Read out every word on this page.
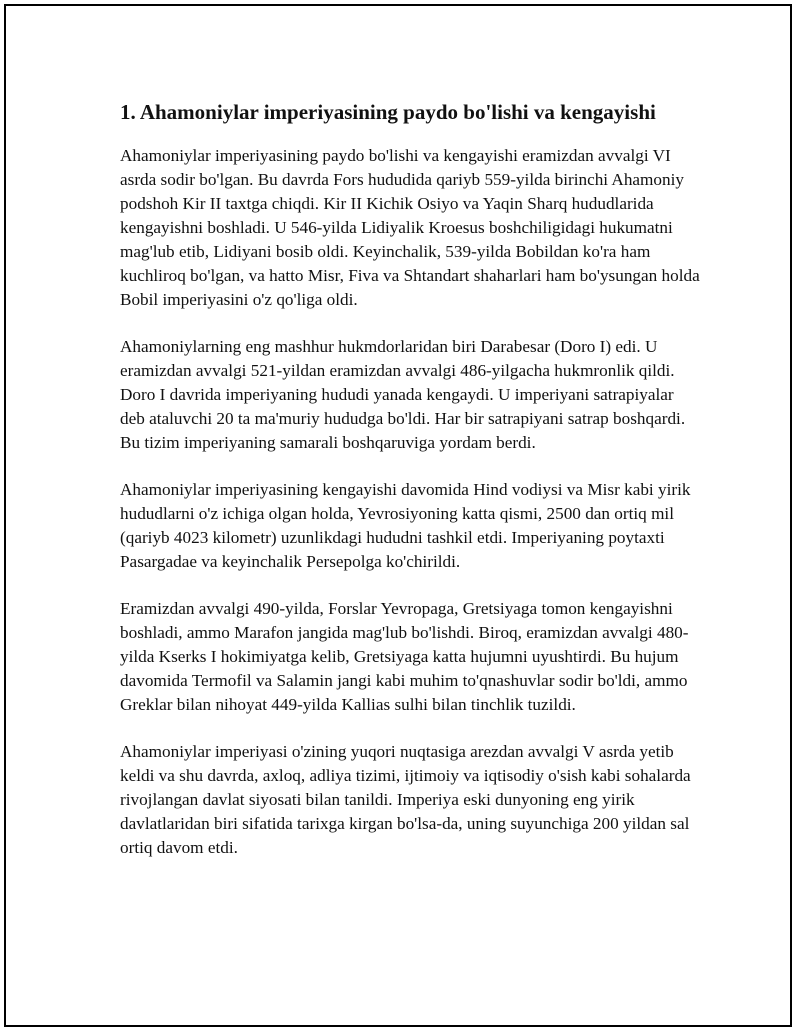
1. Ahamoniylar imperiyasining paydo bo'lishi va kengayishi

Ahamoniylar imperiyasining paydo bo'lishi va kengayishi eramizdan avvalgi VI asrda sodir bo'lgan. Bu davrda Fors hududida qariyb 559-yilda birinchi Ahamoniy podshoh Kir II taxtga chiqdi. Kir II Kichik Osiyo va Yaqin Sharq hududlarida kengayishni boshladi. U 546-yilda Lidiyalik Kroesus boshchiligidagi hukumatni mag'lub etib, Lidiyani bosib oldi. Keyinchalik, 539-yilda Bobildan ko'ra ham kuchliroq bo'lgan, va hatto Misr, Fiva va Shtandart shaharlari ham bo'ysungan holda Bobil imperiyasini o'z qo'liga oldi.

Ahamoniylarning eng mashhur hukmdorlaridan biri Darabesar (Doro I) edi. U eramizdan avvalgi 521-yildan eramizdan avvalgi 486-yilgacha hukmronlik qildi. Doro I davrida imperiyaning hududi yanada kengaydi. U imperiyani satrapiyalar deb ataluvchi 20 ta ma'muriy hududga bo'ldi. Har bir satrapiyani satrap boshqardi. Bu tizim imperiyaning samarali boshqaruviga yordam berdi.

Ahamoniylar imperiyasining kengayishi davomida Hind vodiysi va Misr kabi yirik hududlarni o'z ichiga olgan holda, Yevrosiyoning katta qismi, 2500 dan ortiq mil (qariyb 4023 kilometr) uzunlikdagi hududni tashkil etdi. Imperiyaning poytaxti Pasargadae va keyinchalik Persepolga ko'chirildi.

Eramizdan avvalgi 490-yilda, Forslar Yevropaga, Gretsiyaga tomon kengayishni boshladi, ammo Marafon jangida mag'lub bo'lishdi. Biroq, eramizdan avvalgi 480-yilda Kserks I hokimiyatga kelib, Gretsiyaga katta hujumni uyushtirdi. Bu hujum davomida Termofil va Salamin jangi kabi muhim to'qnashuvlar sodir bo'ldi, ammo Greklar bilan nihoyat 449-yilda Kallias sulhi bilan tinchlik tuzildi.

Ahamoniylar imperiyasi o'zining yuqori nuqtasiga arezdan avvalgi V asrda yetib keldi va shu davrda, axloq, adliya tizimi, ijtimoiy va iqtisodiy o'sish kabi sohalarda rivojlangan davlat siyosati bilan tanildi. Imperiya eski dunyoning eng yirik davlatlaridan biri sifatida tarixga kirgan bo'lsa-da, uning suyunchiga 200 yildan sal ortiq davom etdi.
